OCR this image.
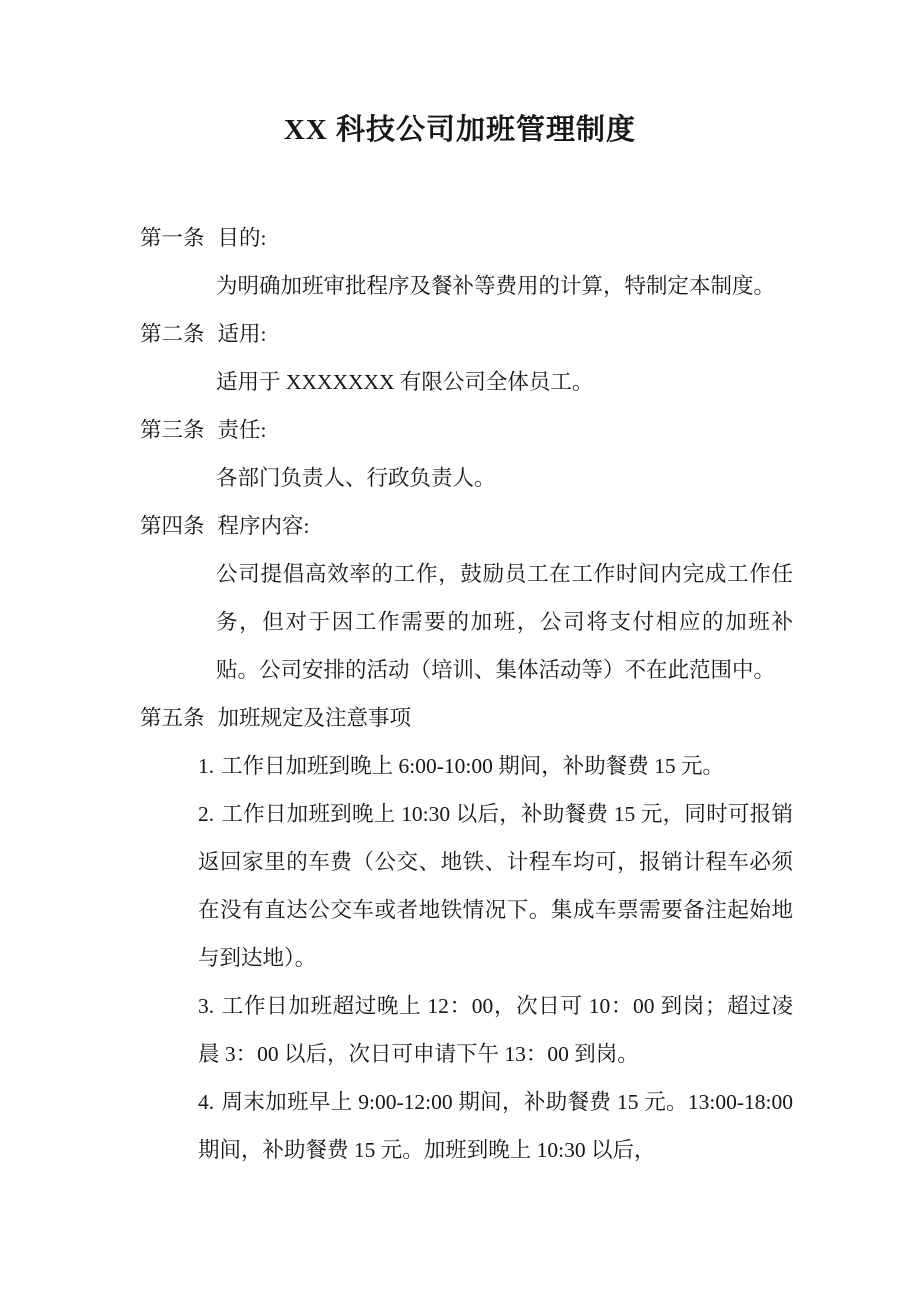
XX 科技公司加班管理制度
第一条 目的:

为明确加班审批程序及餐补等费用的计算，特制定本制度。

第二条 适用:

适用于 XXXXXXX 有限公司全体员工。

第三条 责任:

各部门负责人、行政负责人。

第四条 程序内容:

公司提倡高效率的工作，鼓励员工在工作时间内完成工作任务，但对于因工作需要的加班，公司将支付相应的加班补贴。公司安排的活动（培训、集体活动等）不在此范围中。

第五条 加班规定及注意事项

1. 工作日加班到晚上 6:00-10:00 期间，补助餐费 15 元。

2. 工作日加班到晚上 10:30 以后，补助餐费 15 元，同时可报销返回家里的车费（公交、地铁、计程车均可，报销计程车必须在没有直达公交车或者地铁情况下。集成车票需要备注起始地与到达地）。

3. 工作日加班超过晚上 12：00，次日可 10：00 到岗；超过凌晨 3：00 以后，次日可申请下午 13：00 到岗。

4. 周末加班早上 9:00-12:00 期间，补助餐费 15 元。13:00-18:00 期间，补助餐费 15 元。加班到晚上 10:30 以后，
